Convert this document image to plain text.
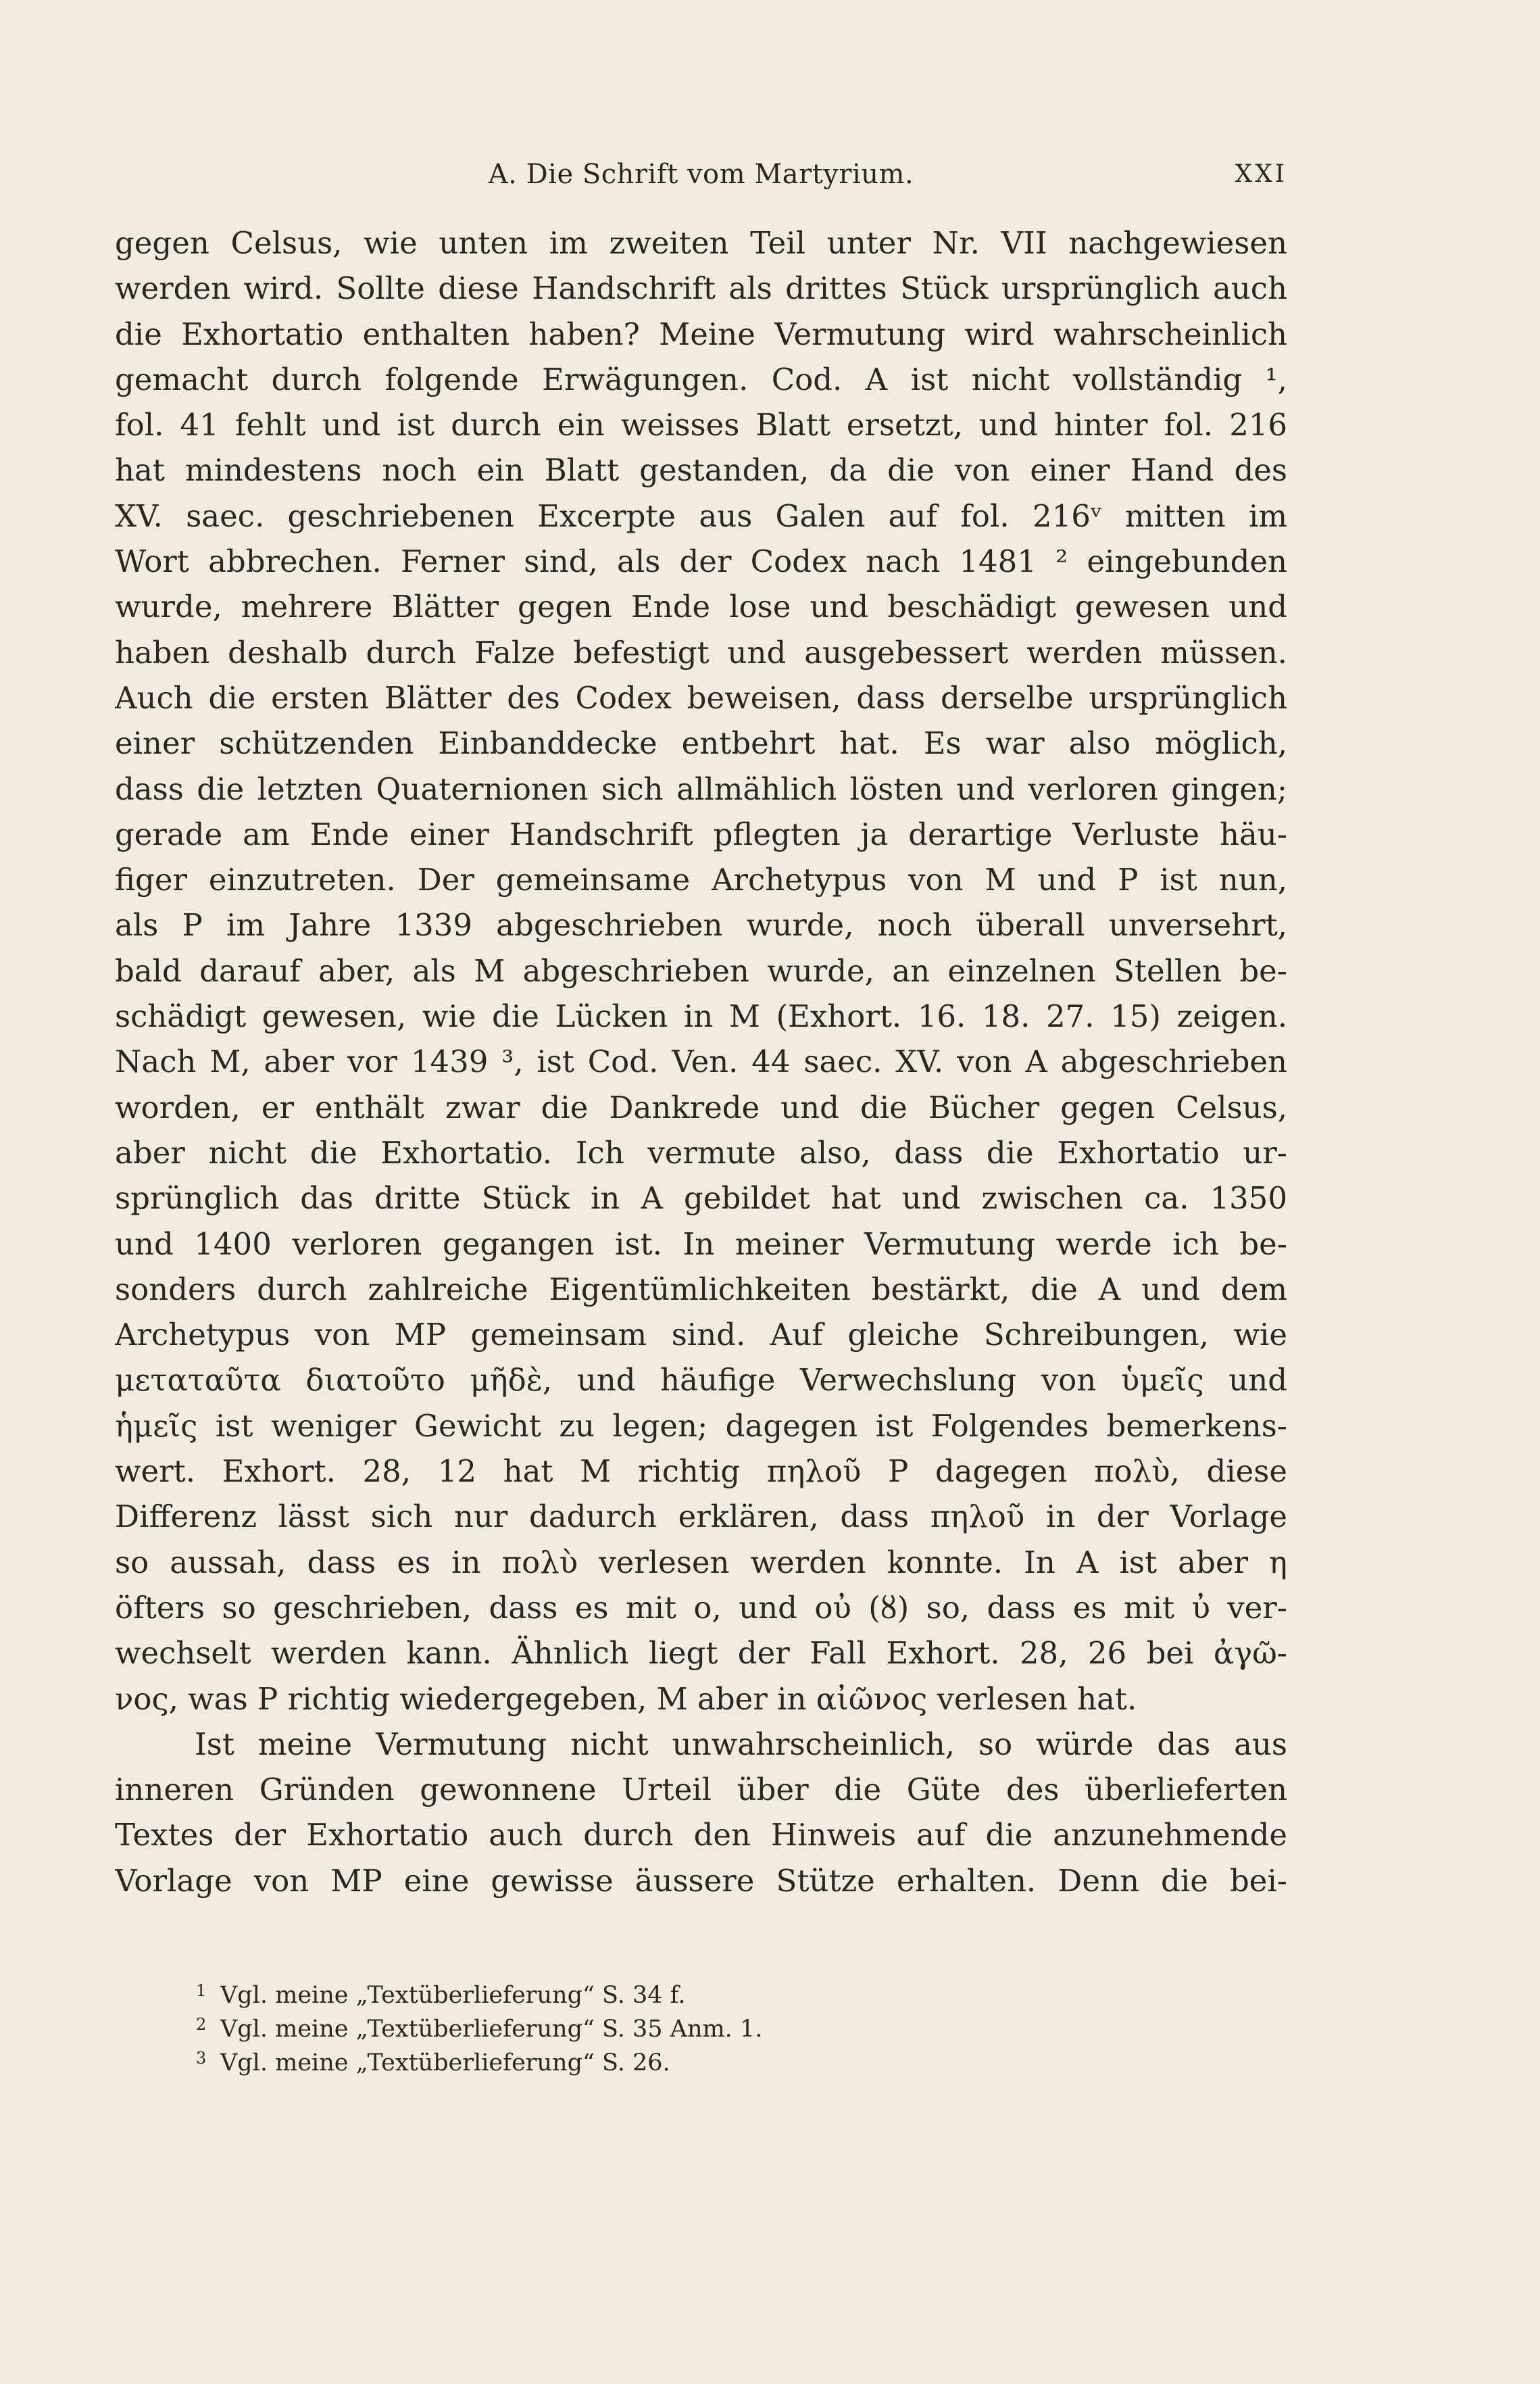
A. Die Schrift vom Martyrium.	XXI
gegen Celsus, wie unten im zweiten Teil unter Nr. VII nachgewiesen
werden wird. Sollte diese Handschrift als drittes Stück ursprünglich auch
die Exhortatio enthalten haben? Meine Vermutung wird wahrscheinlich
gemacht durch folgende Erwägungen. Cod. A ist nicht vollständig ¹,
fol. 41 fehlt und ist durch ein weisses Blatt ersetzt, und hinter fol. 216
hat mindestens noch ein Blatt gestanden, da die von einer Hand des
XV. saec. geschriebenen Excerpte aus Galen auf fol. 216ᵛ mitten im
Wort abbrechen. Ferner sind, als der Codex nach 1481 ² eingebunden
wurde, mehrere Blätter gegen Ende lose und beschädigt gewesen und
haben deshalb durch Falze befestigt und ausgebessert werden müssen.
Auch die ersten Blätter des Codex beweisen, dass derselbe ursprünglich
einer schützenden Einbanddecke entbehrt hat. Es war also möglich,
dass die letzten Quaternionen sich allmählich lösten und verloren gingen;
gerade am Ende einer Handschrift pflegten ja derartige Verluste häu-
figer einzutreten. Der gemeinsame Archetypus von M und P ist nun,
als P im Jahre 1339 abgeschrieben wurde, noch überall unversehrt,
bald darauf aber, als M abgeschrieben wurde, an einzelnen Stellen be-
schädigt gewesen, wie die Lücken in M (Exhort. 16. 18. 27. 15) zeigen.
Nach M, aber vor 1439 ³, ist Cod. Ven. 44 saec. XV. von A abgeschrieben
worden, er enthält zwar die Dankrede und die Bücher gegen Celsus,
aber nicht die Exhortatio. Ich vermute also, dass die Exhortatio ur-
sprünglich das dritte Stück in A gebildet hat und zwischen ca. 1350
und 1400 verloren gegangen ist. In meiner Vermutung werde ich be-
sonders durch zahlreiche Eigentümlichkeiten bestärkt, die A und dem
Archetypus von MP gemeinsam sind. Auf gleiche Schreibungen, wie
μεταταῦτα διατοῦτο μῆδὲ, und häufige Verwechslung von ὑμεῖς und
ἡμεῖς ist weniger Gewicht zu legen; dagegen ist Folgendes bemerkens-
wert. Exhort. 28, 12 hat M richtig πηλοῦ P dagegen πολὺ, diese
Differenz lässt sich nur dadurch erklären, dass πηλοῦ in der Vorlage
so aussah, dass es in πολὺ verlesen werden konnte. In A ist aber η
öfters so geschrieben, dass es mit ο, und οὐ (ȣ) so, dass es mit ὐ ver-
wechselt werden kann. Ähnlich liegt der Fall Exhort. 28, 26 bei ἀγῶ-
νος, was P richtig wiedergegeben, M aber in αἰῶνος verlesen hat.
Ist meine Vermutung nicht unwahrscheinlich, so würde das aus
inneren Gründen gewonnene Urteil über die Güte des überlieferten
Textes der Exhortatio auch durch den Hinweis auf die anzunehmende
Vorlage von MP eine gewisse äussere Stütze erhalten. Denn die bei-
1 Vgl. meine „Textüberlieferung“ S. 34 f.
2 Vgl. meine „Textüberlieferung“ S. 35 Anm. 1.
3 Vgl. meine „Textüberlieferung“ S. 26.
